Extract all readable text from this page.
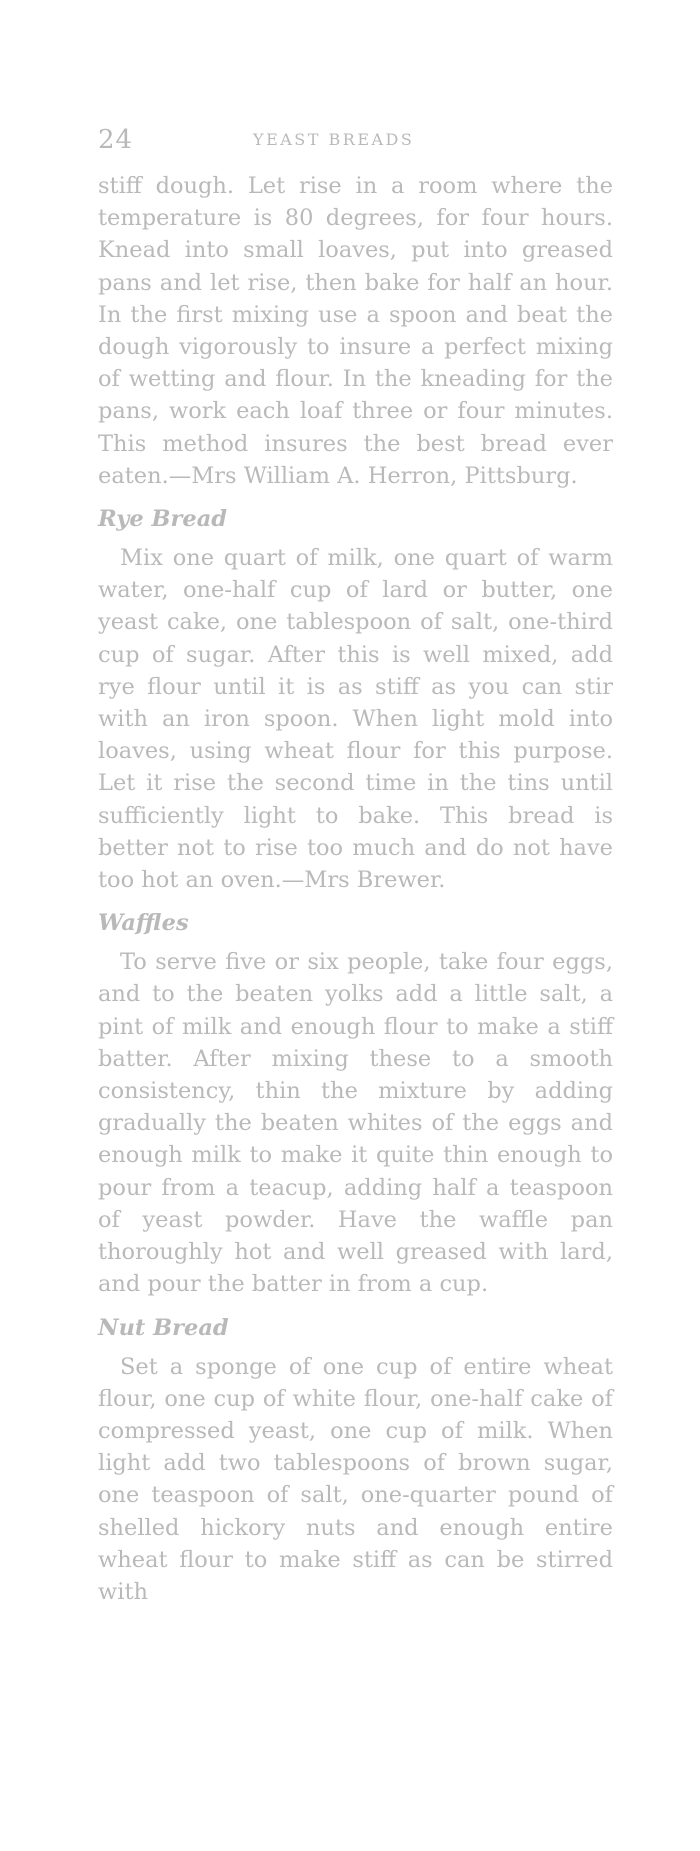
24	YEAST BREADS

stiff dough. Let rise in a room where the temperature is 80 degrees, for four hours. Knead into small loaves, put into greased pans and let rise, then bake for half an hour. In the first mixing use a spoon and beat the dough vigorously to insure a perfect mixing of wetting and flour. In the kneading for the pans, work each loaf three or four minutes. This method insures the best bread ever eaten.—Mrs William A. Herron, Pittsburg.

Rye Bread

Mix one quart of milk, one quart of warm water, one-half cup of lard or butter, one yeast cake, one tablespoon of salt, one-third cup of sugar. After this is well mixed, add rye flour until it is as stiff as you can stir with an iron spoon. When light mold into loaves, using wheat flour for this purpose. Let it rise the second time in the tins until sufficiently light to bake. This bread is better not to rise too much and do not have too hot an oven.—Mrs Brewer.

Waffles

To serve five or six people, take four eggs, and to the beaten yolks add a little salt, a pint of milk and enough flour to make a stiff batter. After mixing these to a smooth consistency, thin the mixture by adding gradually the beaten whites of the eggs and enough milk to make it quite thin enough to pour from a teacup, adding half a teaspoon of yeast powder. Have the waffle pan thoroughly hot and well greased with lard, and pour the batter in from a cup.

Nut Bread

Set a sponge of one cup of entire wheat flour, one cup of white flour, one-half cake of compressed yeast, one cup of milk. When light add two tablespoons of brown sugar, one teaspoon of salt, one-quarter pound of shelled hickory nuts and enough entire wheat flour to make stiff as can be stirred with
